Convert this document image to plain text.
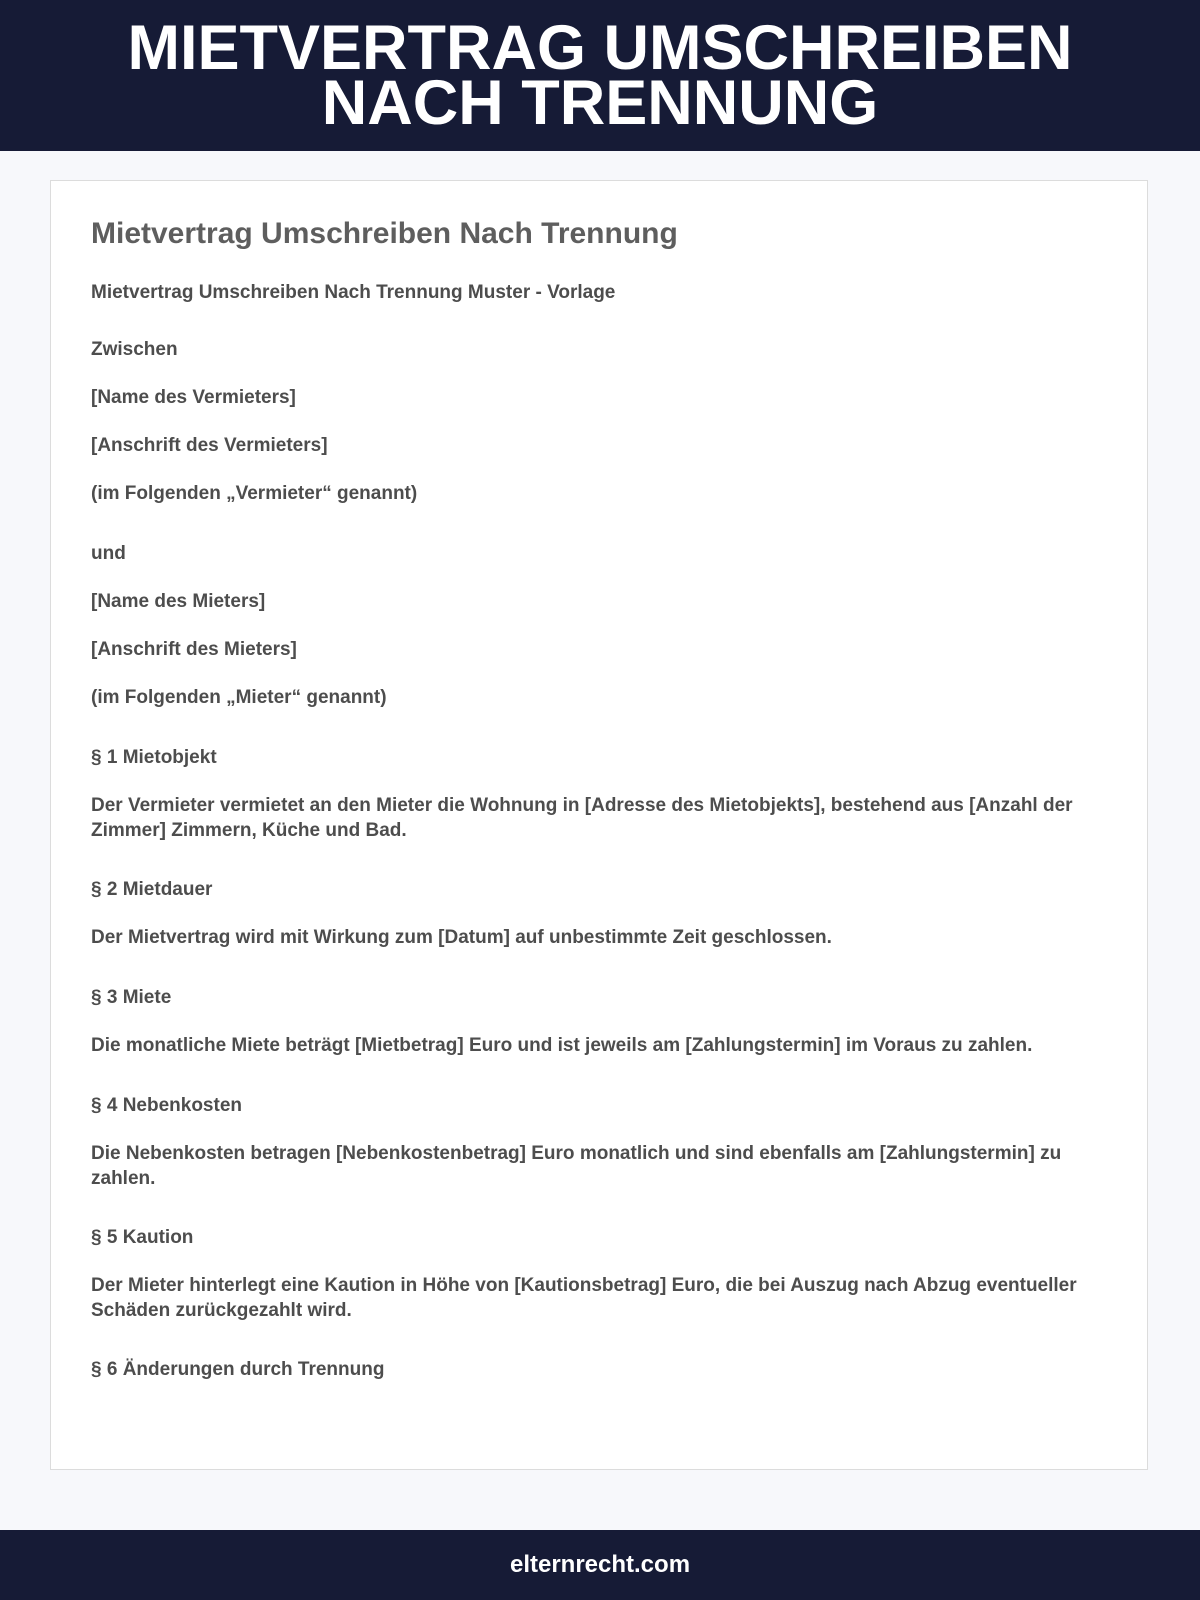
MIETVERTRAG UMSCHREIBEN
NACH TRENNUNG
Mietvertrag Umschreiben Nach Trennung

Mietvertrag Umschreiben Nach Trennung Muster - Vorlage

Zwischen

[Name des Vermieters]

[Anschrift des Vermieters]

(im Folgenden „Vermieter“ genannt)

und

[Name des Mieters]

[Anschrift des Mieters]

(im Folgenden „Mieter“ genannt)

§ 1 Mietobjekt

Der Vermieter vermietet an den Mieter die Wohnung in [Adresse des Mietobjekts], bestehend aus [Anzahl der Zimmer] Zimmern, Küche und Bad.

§ 2 Mietdauer

Der Mietvertrag wird mit Wirkung zum [Datum] auf unbestimmte Zeit geschlossen.

§ 3 Miete

Die monatliche Miete beträgt [Mietbetrag] Euro und ist jeweils am [Zahlungstermin] im Voraus zu zahlen.

§ 4 Nebenkosten

Die Nebenkosten betragen [Nebenkostenbetrag] Euro monatlich und sind ebenfalls am [Zahlungstermin] zu zahlen.

§ 5 Kaution

Der Mieter hinterlegt eine Kaution in Höhe von [Kautionsbetrag] Euro, die bei Auszug nach Abzug eventueller Schäden zurückgezahlt wird.

§ 6 Änderungen durch Trennung

elternrecht.com
